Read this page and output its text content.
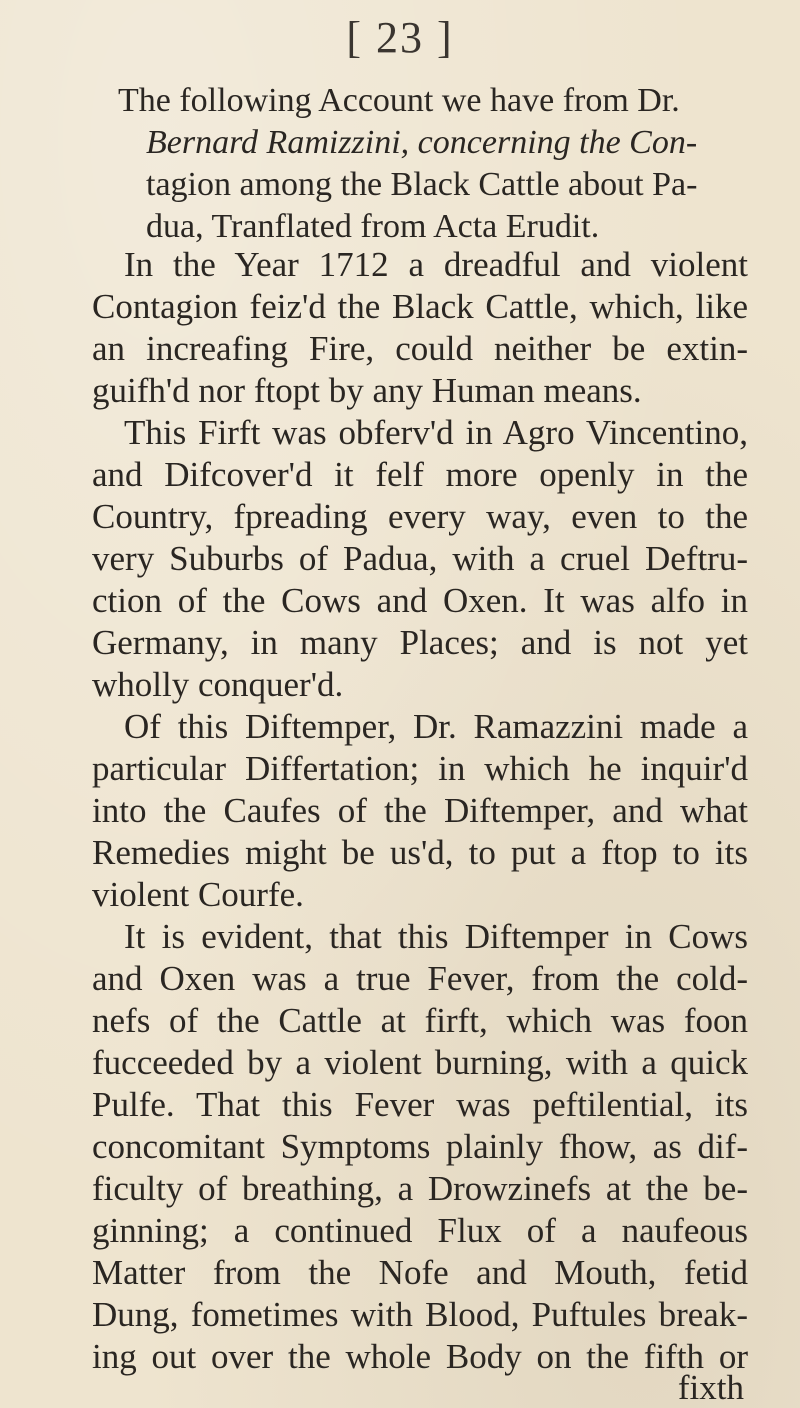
[ 23 ]
The following Account we have from Dr.
Bernard Ramizzini, concerning the Con-
tagion among the Black Cattle about Pa-
dua, Tranflated from Acta Erudit.
In the Year 1712 a dreadful and violent
Contagion feiz'd the Black Cattle, which, like
an increafing Fire, could neither be extin-
guifh'd nor ftopt by any Human means.
This Firft was obferv'd in Agro Vincentino,
and Difcover'd it felf more openly in the
Country, fpreading every way, even to the
very Suburbs of Padua, with a cruel Deftru-
ction of the Cows and Oxen. It was alfo in
Germany, in many Places; and is not yet
wholly conquer'd.
Of this Diftemper, Dr. Ramazzini made a
particular Differtation; in which he inquir'd
into the Caufes of the Diftemper, and what
Remedies might be us'd, to put a ftop to its
violent Courfe.
It is evident, that this Diftemper in Cows
and Oxen was a true Fever, from the cold-
nefs of the Cattle at firft, which was foon
fucceeded by a violent burning, with a quick
Pulfe. That this Fever was peftilential, its
concomitant Symptoms plainly fhow, as dif-
ficulty of breathing, a Drowzinefs at the be-
ginning; a continued Flux of a naufeous
Matter from the Nofe and Mouth, fetid
Dung, fometimes with Blood, Puftules break-
ing out over the whole Body on the fifth or
fixth
